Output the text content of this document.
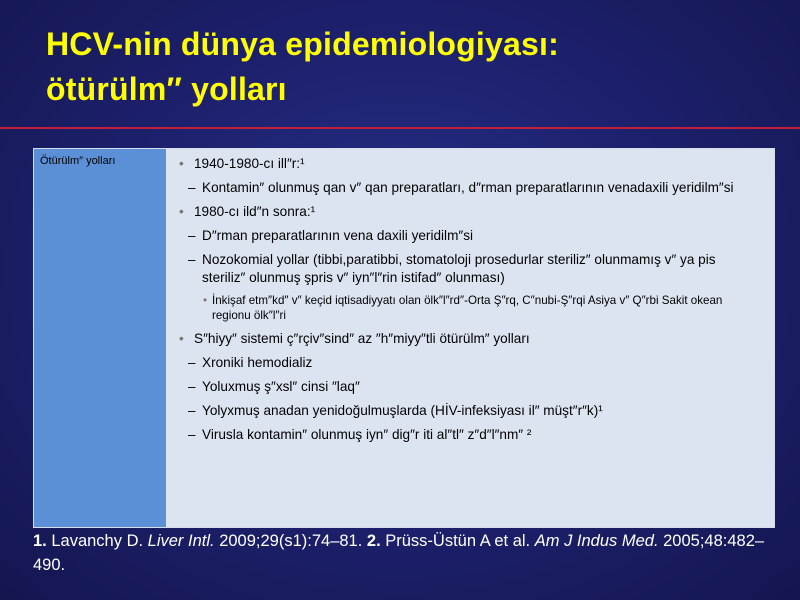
HCV-nin dünya epidemiologiyası:
ötürülm″ yolları
Ötürülm″ yolları
•	1940-1980-cı ill″r:¹
– Kontamin″ olunmuş qan v″ qan preparatları, d″rman preparatlarının venadaxili yeridilm″si
• 1980-cı ild″n sonra:¹
– D″rman preparatlarının vena daxili yeridilm″si
– Nozokomial yollar (tibbi,paratibbi, stomatoloji prosedurlar steriliz″ olunmamış v″ ya pis steriliz″ olunmuş şpris v″ iyn″l″rin istifad″ olunması)
• İnkişaf etm″kd″ v″ keçid iqtisadiyyatı olan ölk″l″rd″-Orta Ş″rq, C″nubi-Ş″rqi Asiya v″ Q″rbi Sakit okean regionu ölk″l″ri
• S″hiyy″ sistemi ç″rçiv″sind″ az ″h″miyy″tli ötürülm″ yolları
– Xroniki hemodializ
– Yoluxmuş ş″xsl″ cinsi ″laq″
– Yolyxmuş anadan yenidoğulmuşlarda (HİV-infeksiyası il″ müşt″r″k)¹
– Virusla kontamin″ olunmuş iyn″ dig″r iti al″tl″ z″d″l″nm″ ²
1. Lavanchy D. Liver Intl. 2009;29(s1):74–81. 2. Prüss-Üstün A et al. Am J Indus Med. 2005;48:482–490.
